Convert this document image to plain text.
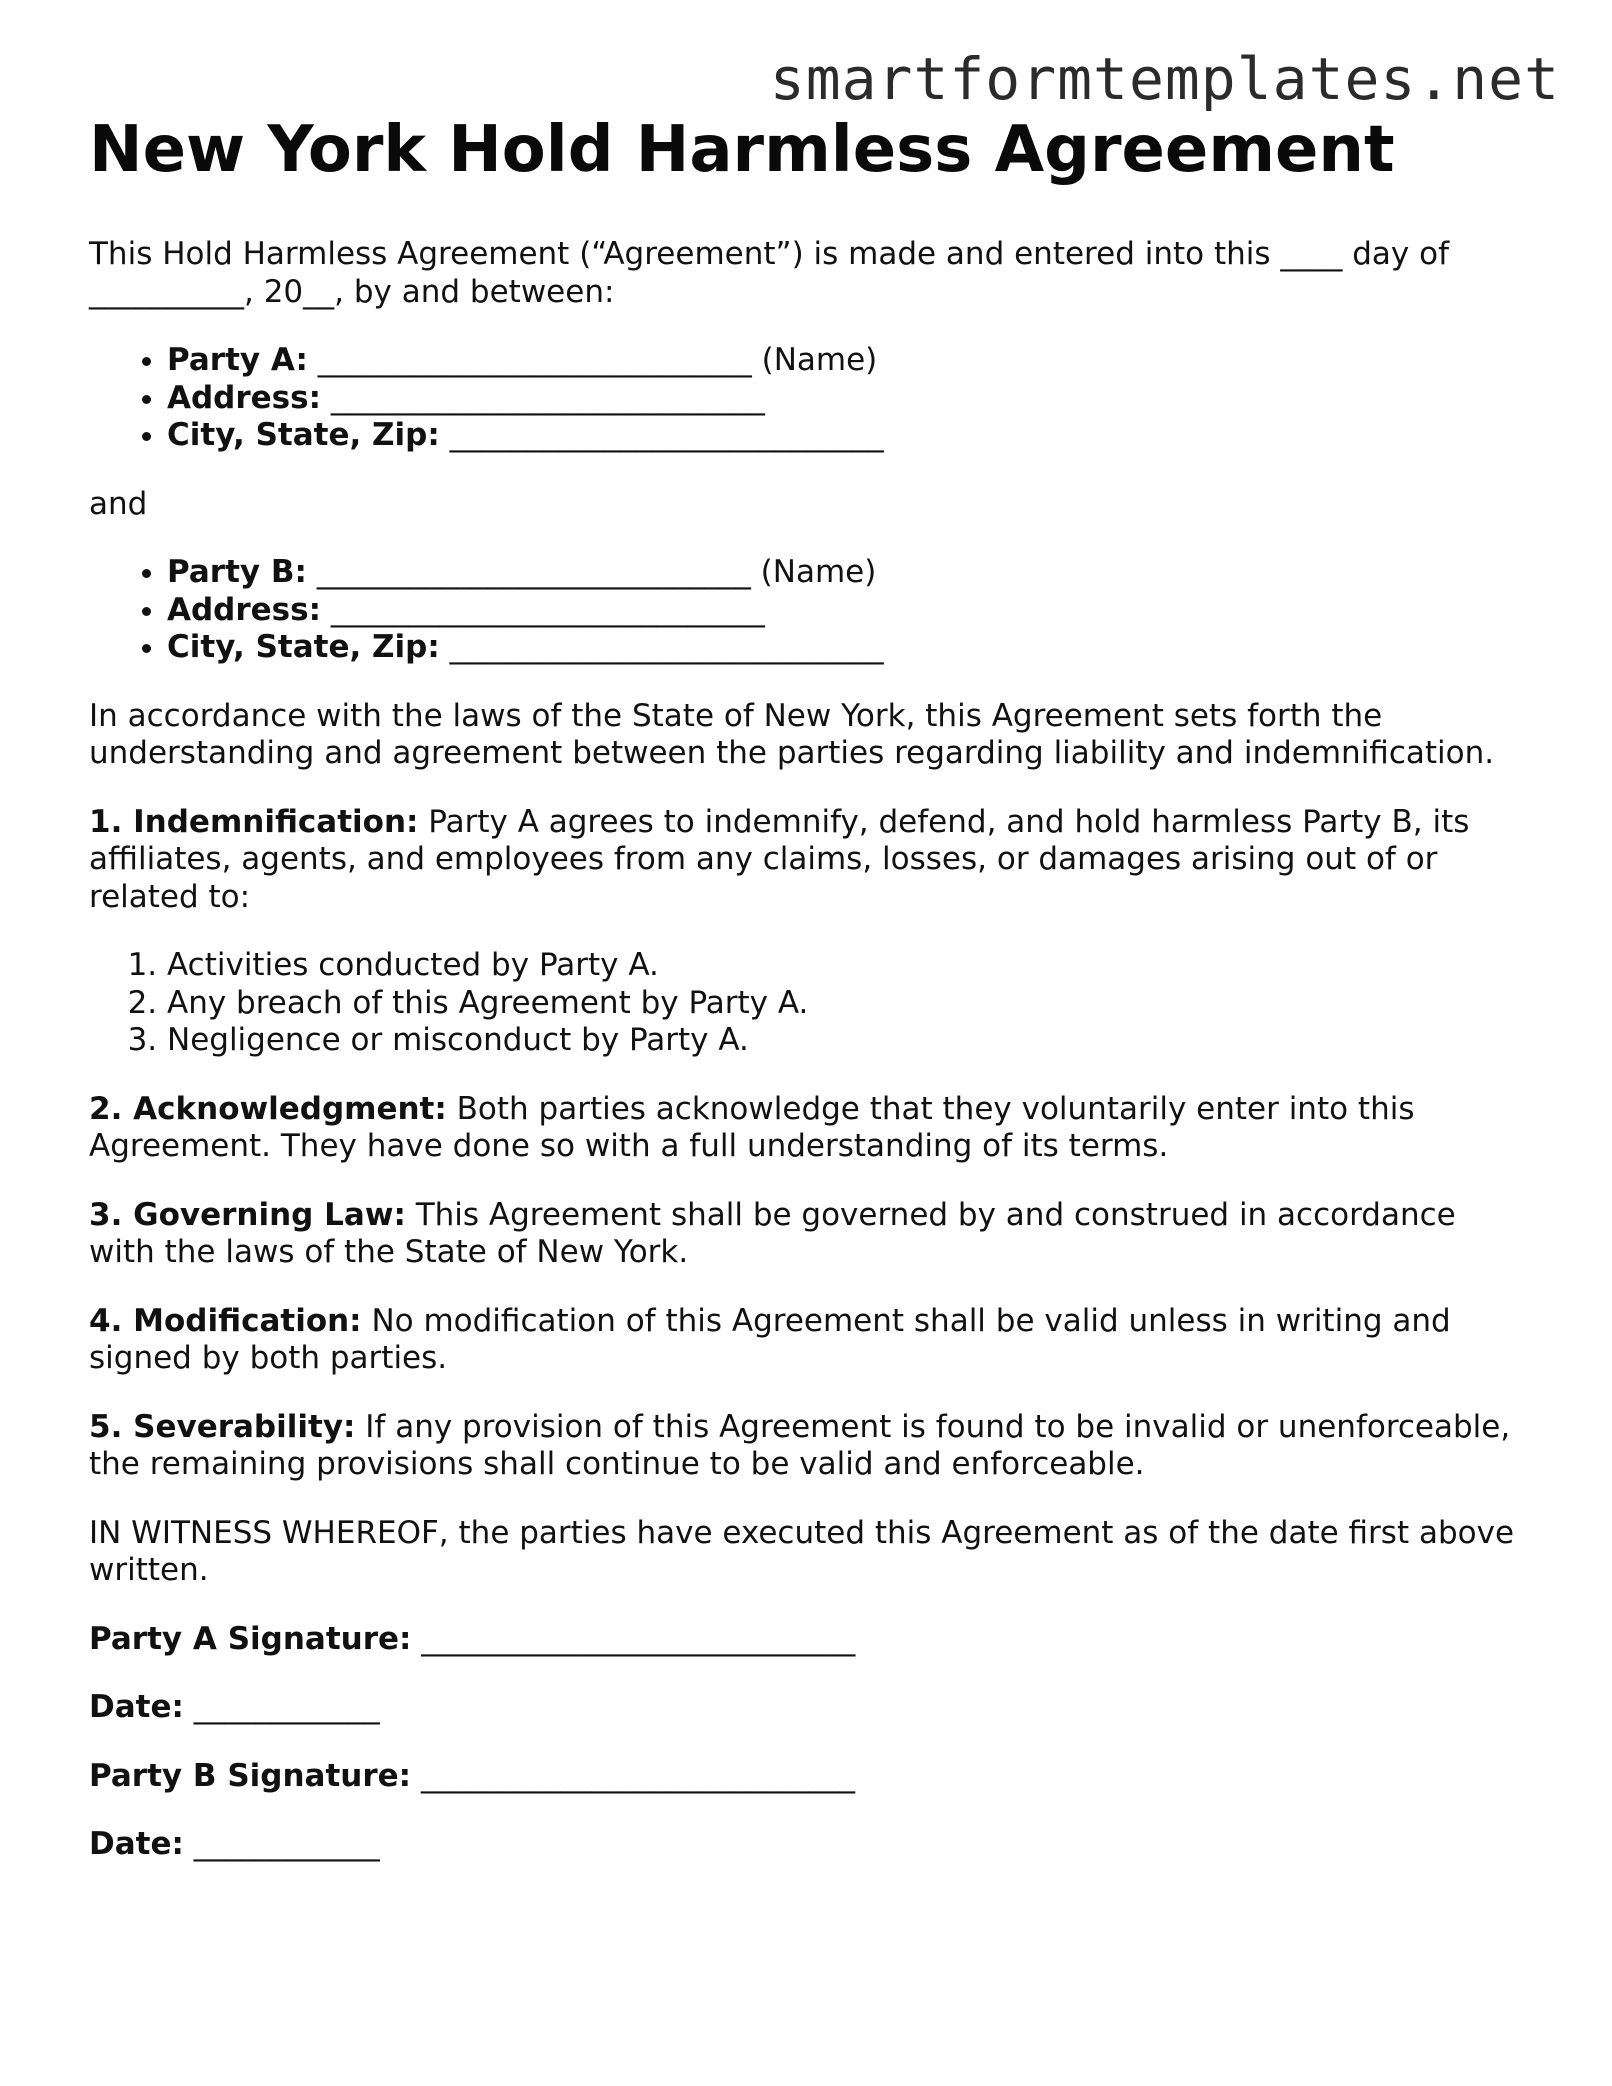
smartformtemplates.net
New York Hold Harmless Agreement

This Hold Harmless Agreement (“Agreement”) is made and entered into this ____ day of
__________, 20__, by and between:

• Party A: ____________________________ (Name)
• Address: ____________________________
• City, State, Zip: ____________________________

and

• Party B: ____________________________ (Name)
• Address: ____________________________
• City, State, Zip: ____________________________

In accordance with the laws of the State of New York, this Agreement sets forth the understanding and agreement between the parties regarding liability and indemnification.

1. Indemnification: Party A agrees to indemnify, defend, and hold harmless Party B, its affiliates, agents, and employees from any claims, losses, or damages arising out of or related to:

1. Activities conducted by Party A.
2. Any breach of this Agreement by Party A.
3. Negligence or misconduct by Party A.

2. Acknowledgment: Both parties acknowledge that they voluntarily enter into this Agreement. They have done so with a full understanding of its terms.

3. Governing Law: This Agreement shall be governed by and construed in accordance with the laws of the State of New York.

4. Modification: No modification of this Agreement shall be valid unless in writing and signed by both parties.

5. Severability: If any provision of this Agreement is found to be invalid or unenforceable, the remaining provisions shall continue to be valid and enforceable.

IN WITNESS WHEREOF, the parties have executed this Agreement as of the date first above written.

Party A Signature: ____________________________

Date: ____________

Party B Signature: ____________________________

Date: ____________
